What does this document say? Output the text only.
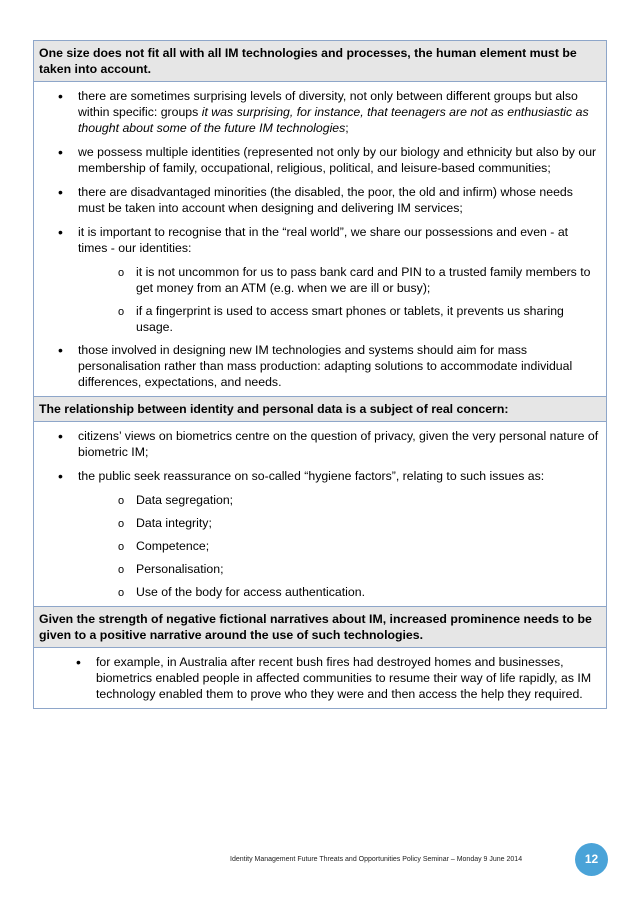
One size does not fit all with all IM technologies and processes, the human element must be taken into account.
• there are sometimes surprising levels of diversity, not only between different groups but also within specific: groups it was surprising, for instance, that teenagers are not as enthusiastic as thought about some of the future IM technologies;
• we possess multiple identities (represented not only by our biology and ethnicity but also by our membership of family, occupational, religious, political, and leisure-based communities;
• there are disadvantaged minorities (the disabled, the poor, the old and infirm) whose needs must be taken into account when designing and delivering IM services;
• it is important to recognise that in the “real world”, we share our possessions and even - at times - our identities:
o it is not uncommon for us to pass bank card and PIN to a trusted family members to get money from an ATM (e.g. when we are ill or busy);
o if a fingerprint is used to access smart phones or tablets, it prevents us sharing usage.
• those involved in designing new IM technologies and systems should aim for mass personalisation rather than mass production: adapting solutions to accommodate individual differences, expectations, and needs.
The relationship between identity and personal data is a subject of real concern:
• citizens’ views on biometrics centre on the question of privacy, given the very personal nature of biometric IM;
• the public seek reassurance on so-called “hygiene factors”, relating to such issues as:
o Data segregation;
o Data integrity;
o Competence;
o Personalisation;
o Use of the body for access authentication.
Given the strength of negative fictional narratives about IM, increased prominence needs to be given to a positive narrative around the use of such technologies.
• for example, in Australia after recent bush fires had destroyed homes and businesses, biometrics enabled people in affected communities to resume their way of life rapidly, as IM technology enabled them to prove who they were and then access the help they required.
Identity Management Future Threats and Opportunities Policy Seminar – Monday 9 June 2014	12
